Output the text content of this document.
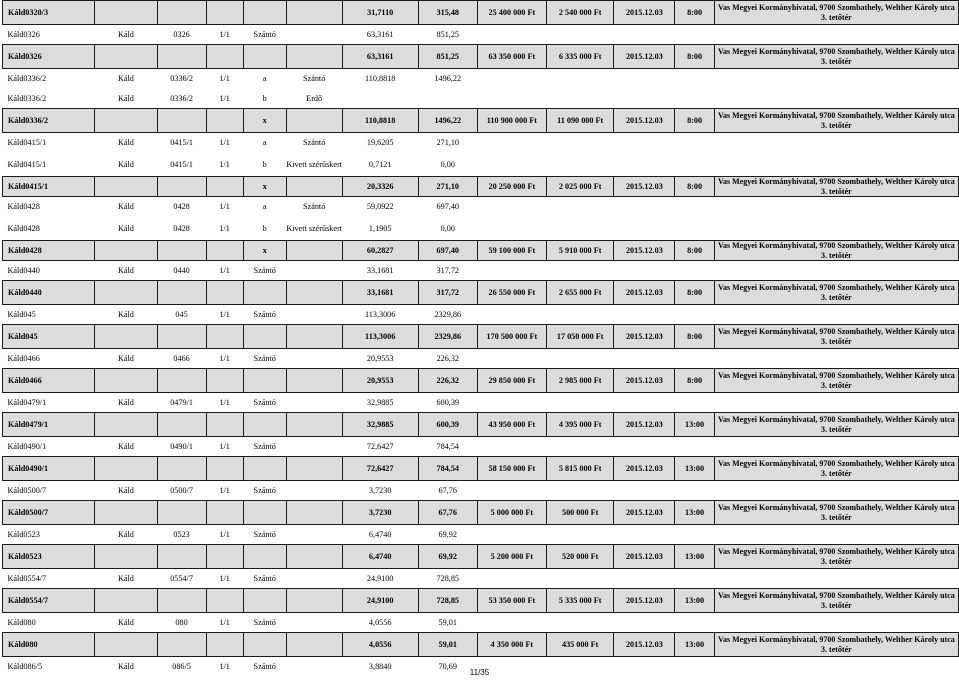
Káld0320/3						31,7110	315,48	25 400 000 Ft	2 540 000 Ft	2015.12.03	8:00	Vas Megyei Kormányhivatal, 9700 Szombathely, Welther Károly utca 3. tetőtér
Káld0326	Káld	0326	1/1	Szántó		63,3161	851,25					
Káld0326						63,3161	851,25	63 350 000 Ft	6 335 000 Ft	2015.12.03	8:00	Vas Megyei Kormányhivatal, 9700 Szombathely, Welther Károly utca 3. tetőtér
Káld0336/2	Káld	0336/2	1/1	a	Szántó	110,8818	1496,22					
Káld0336/2	Káld	0336/2	1/1	b	Erdő							
Káld0336/2				x		110,8818	1496,22	110 900 000 Ft	11 090 000 Ft	2015.12.03	8:00	Vas Megyei Kormányhivatal, 9700 Szombathely, Welther Károly utca 3. tetőtér
Káld0415/1	Káld	0415/1	1/1	a	Szántó	19,6205	271,10					
Káld0415/1	Káld	0415/1	1/1	b	Kivett szérűskert	0,7121	0,00					
Káld0415/1				x		20,3326	271,10	20 250 000 Ft	2 025 000 Ft	2015.12.03	8:00	Vas Megyei Kormányhivatal, 9700 Szombathely, Welther Károly utca 3. tetőtér
Káld0428	Káld	0428	1/1	a	Szántó	59,0922	697,40					
Káld0428	Káld	0428	1/1	b	Kivett szérűskert	1,1905	0,00					
Káld0428				x		60,2827	697,40	59 100 000 Ft	5 910 000 Ft	2015.12.03	8:00	Vas Megyei Kormányhivatal, 9700 Szombathely, Welther Károly utca 3. tetőtér
Káld0440	Káld	0440	1/1	Szántó		33,1681	317,72					
Káld0440						33,1681	317,72	26 550 000 Ft	2 655 000 Ft	2015.12.03	8:00	Vas Megyei Kormányhivatal, 9700 Szombathely, Welther Károly utca 3. tetőtér
Káld045	Káld	045	1/1	Szántó		113,3006	2329,86					
Káld045						113,3006	2329,86	170 500 000 Ft	17 050 000 Ft	2015.12.03	8:00	Vas Megyei Kormányhivatal, 9700 Szombathely, Welther Károly utca 3. tetőtér
Káld0466	Káld	0466	1/1	Szántó		20,9553	226,32					
Káld0466						20,9553	226,32	29 850 000 Ft	2 985 000 Ft	2015.12.03	8:00	Vas Megyei Kormányhivatal, 9700 Szombathely, Welther Károly utca 3. tetőtér
Káld0479/1	Káld	0479/1	1/1	Szántó		32,9885	600,39					
Káld0479/1						32,9885	600,39	43 950 000 Ft	4 395 000 Ft	2015.12.03	13:00	Vas Megyei Kormányhivatal, 9700 Szombathely, Welther Károly utca 3. tetőtér
Káld0490/1	Káld	0490/1	1/1	Szántó		72,6427	784,54					
Káld0490/1						72,6427	784,54	58 150 000 Ft	5 815 000 Ft	2015.12.03	13:00	Vas Megyei Kormányhivatal, 9700 Szombathely, Welther Károly utca 3. tetőtér
Káld0500/7	Káld	0500/7	1/1	Szántó		3,7230	67,76					
Káld0500/7						3,7230	67,76	5 000 000 Ft	500 000 Ft	2015.12.03	13:00	Vas Megyei Kormányhivatal, 9700 Szombathely, Welther Károly utca 3. tetőtér
Káld0523	Káld	0523	1/1	Szántó		6,4740	69,92					
Káld0523						6,4740	69,92	5 200 000 Ft	520 000 Ft	2015.12.03	13:00	Vas Megyei Kormányhivatal, 9700 Szombathely, Welther Károly utca 3. tetőtér
Káld0554/7	Káld	0554/7	1/1	Szántó		24,9100	728,85					
Káld0554/7						24,9100	728,85	53 350 000 Ft	5 335 000 Ft	2015.12.03	13:00	Vas Megyei Kormányhivatal, 9700 Szombathely, Welther Károly utca 3. tetőtér
Káld080	Káld	080	1/1	Szántó		4,0556	59,01					
Káld080						4,0556	59,01	4 350 000 Ft	435 000 Ft	2015.12.03	13:00	Vas Megyei Kormányhivatal, 9700 Szombathely, Welther Károly utca 3. tetőtér
Káld086/5	Káld	086/5	1/1	Szántó		3,8840	70,69					
11/35
